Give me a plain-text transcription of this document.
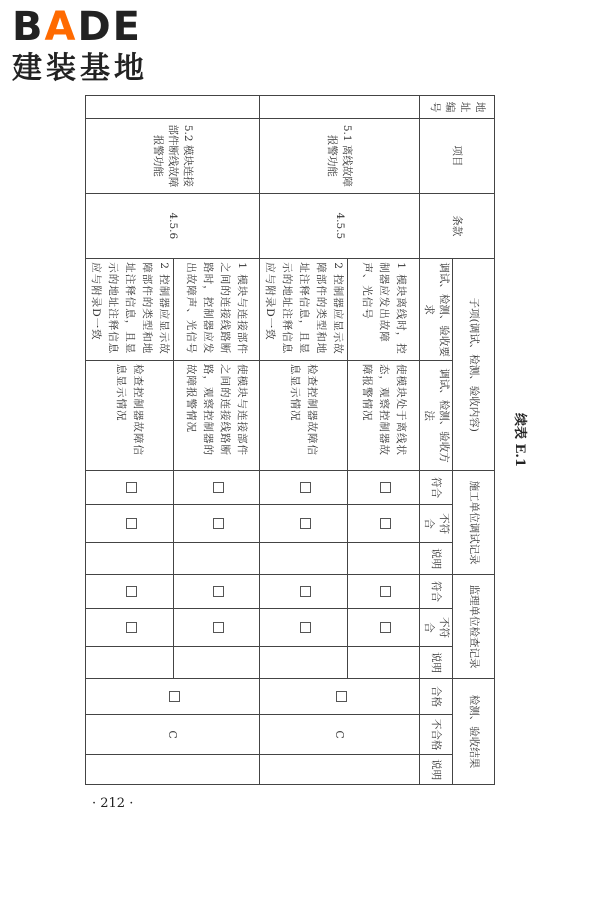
BADE
建装基地
续表 E.1
地址编号	项目	条款	子项(调试、检测、验收内容)		施工单位调试记录			监理单位检查记录			检测、验收结果		

			调试、检测、验收要求	调试、检测、验收方法	符合	不符合	说明	符合	不符合	说明	合格	不合格	说明
	5.1 离线故障报警功能	4.5.5	1 模块离线时，控制器应发出故障声、光信号	使模块处于离线状态，观察控制器故障报警情况								C	
			2 控制器应显示故障部件的类型和地址注释信息，且显示的地址注释信息应与附录D一致	检查控制器故障信息显示情况									
	5.2 模块连接部件断线故障报警功能	4.5.6	1 模块与连接部件之间的连接线路断路时，控制器应发出故障声、光信号	使模块与连接部件之间的连接线路断路，观察控制器的故障报警情况								C	
			2 控制器应显示故障部件的类型和地址注释信息，且显示的地址注释信息应与附录D一致	检查控制器故障信息显示情况									
· 212 ·
